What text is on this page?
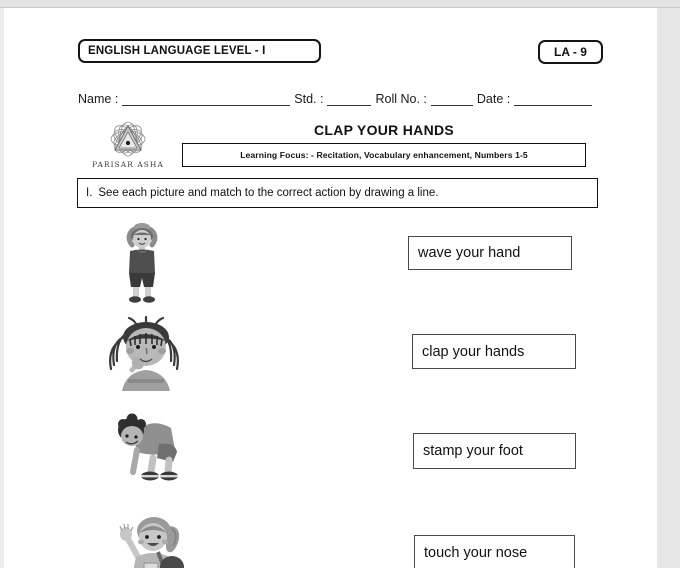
ENGLISH LANGUAGE LEVEL - I	LA - 9
Name :	Std. :	Roll No. :	Date :
PARISAR ASHA
CLAP YOUR HANDS
Learning Focus: - Recitation, Vocabulary enhancement, Numbers 1-5
I. See each picture and match to the correct action by drawing a line.
wave your hand
clap your hands
stamp your foot
touch your nose
